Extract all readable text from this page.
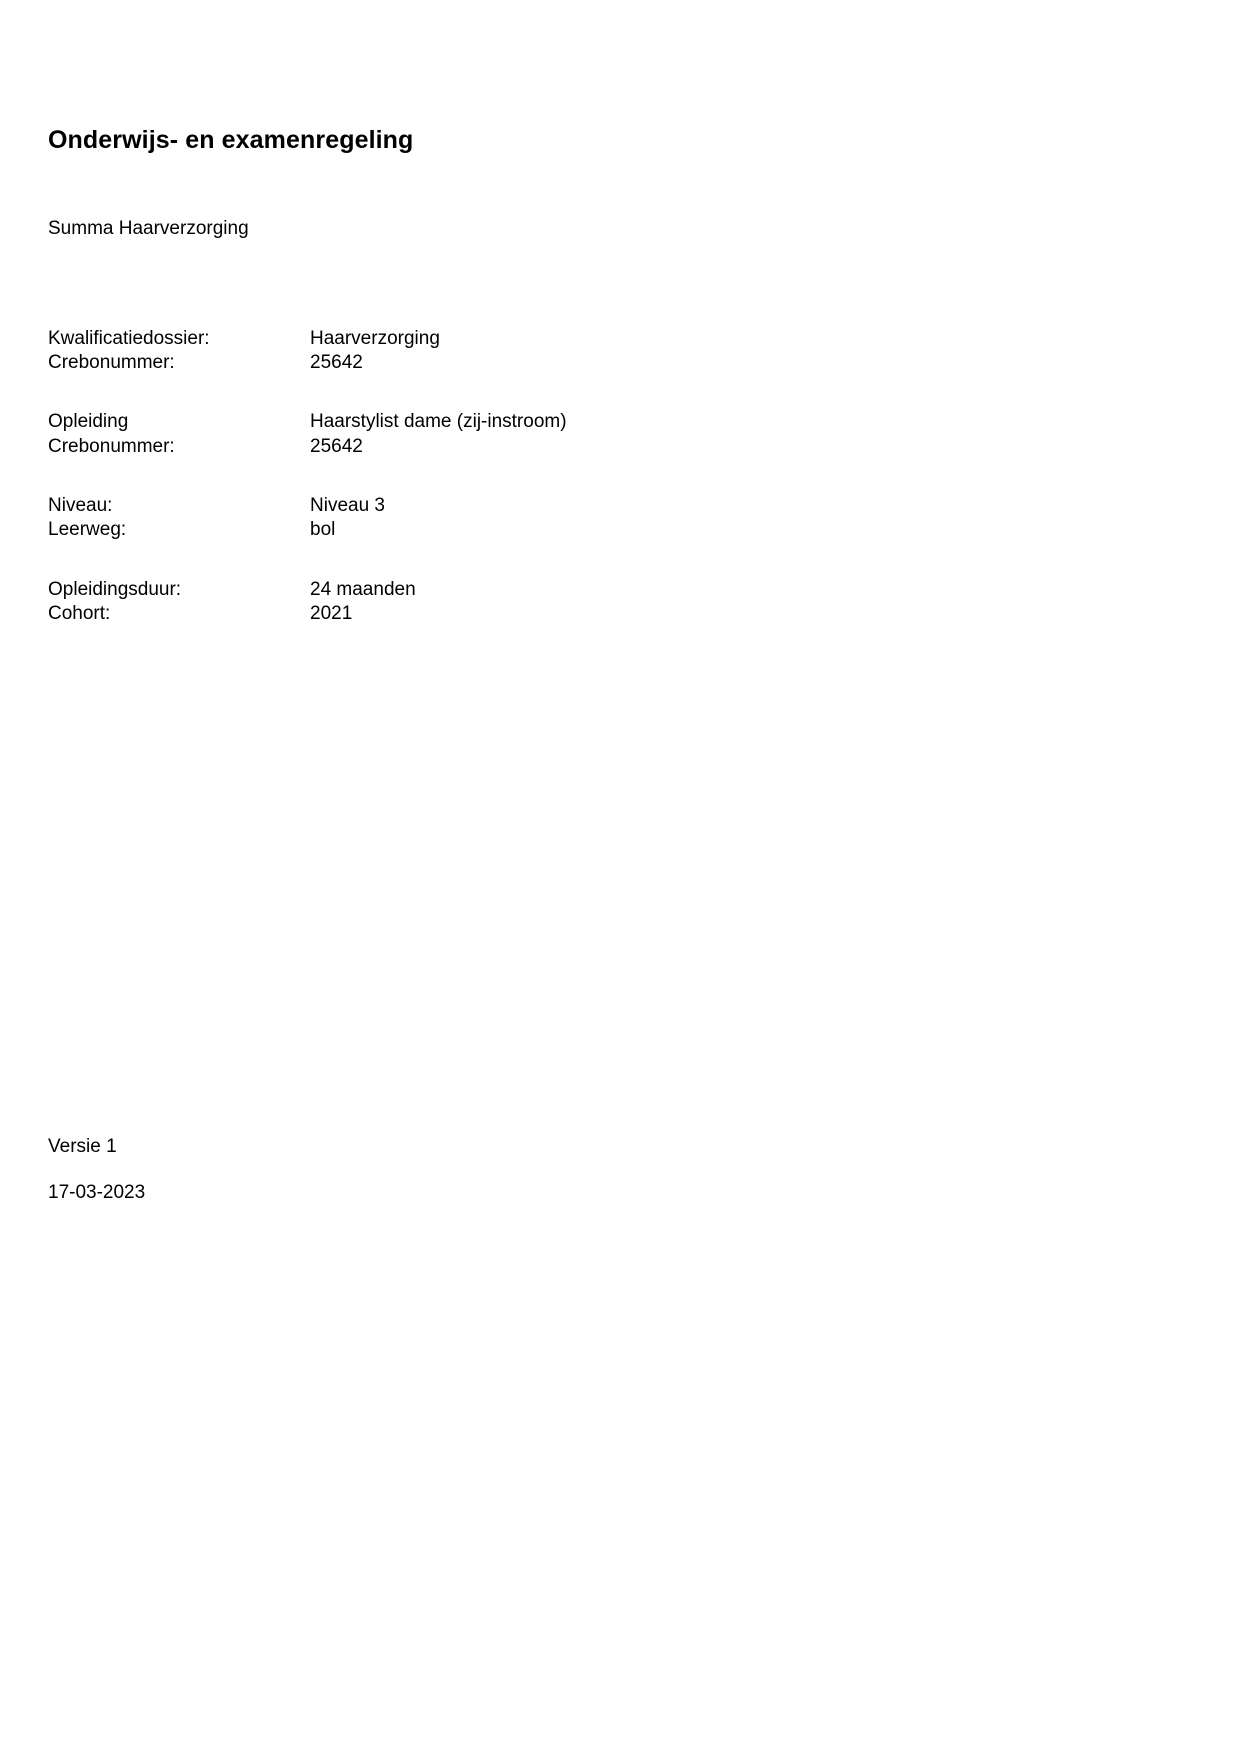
Onderwijs- en examenregeling

Summa Haarverzorging

Kwalificatiedossier:	Haarverzorging
Crebonummer:	25642

Opleiding	Haarstylist dame (zij-instroom)
Crebonummer:	25642

Niveau:	Niveau 3
Leerweg:	bol

Opleidingsduur:	24 maanden
Cohort:	2021

Versie 1

17-03-2023
